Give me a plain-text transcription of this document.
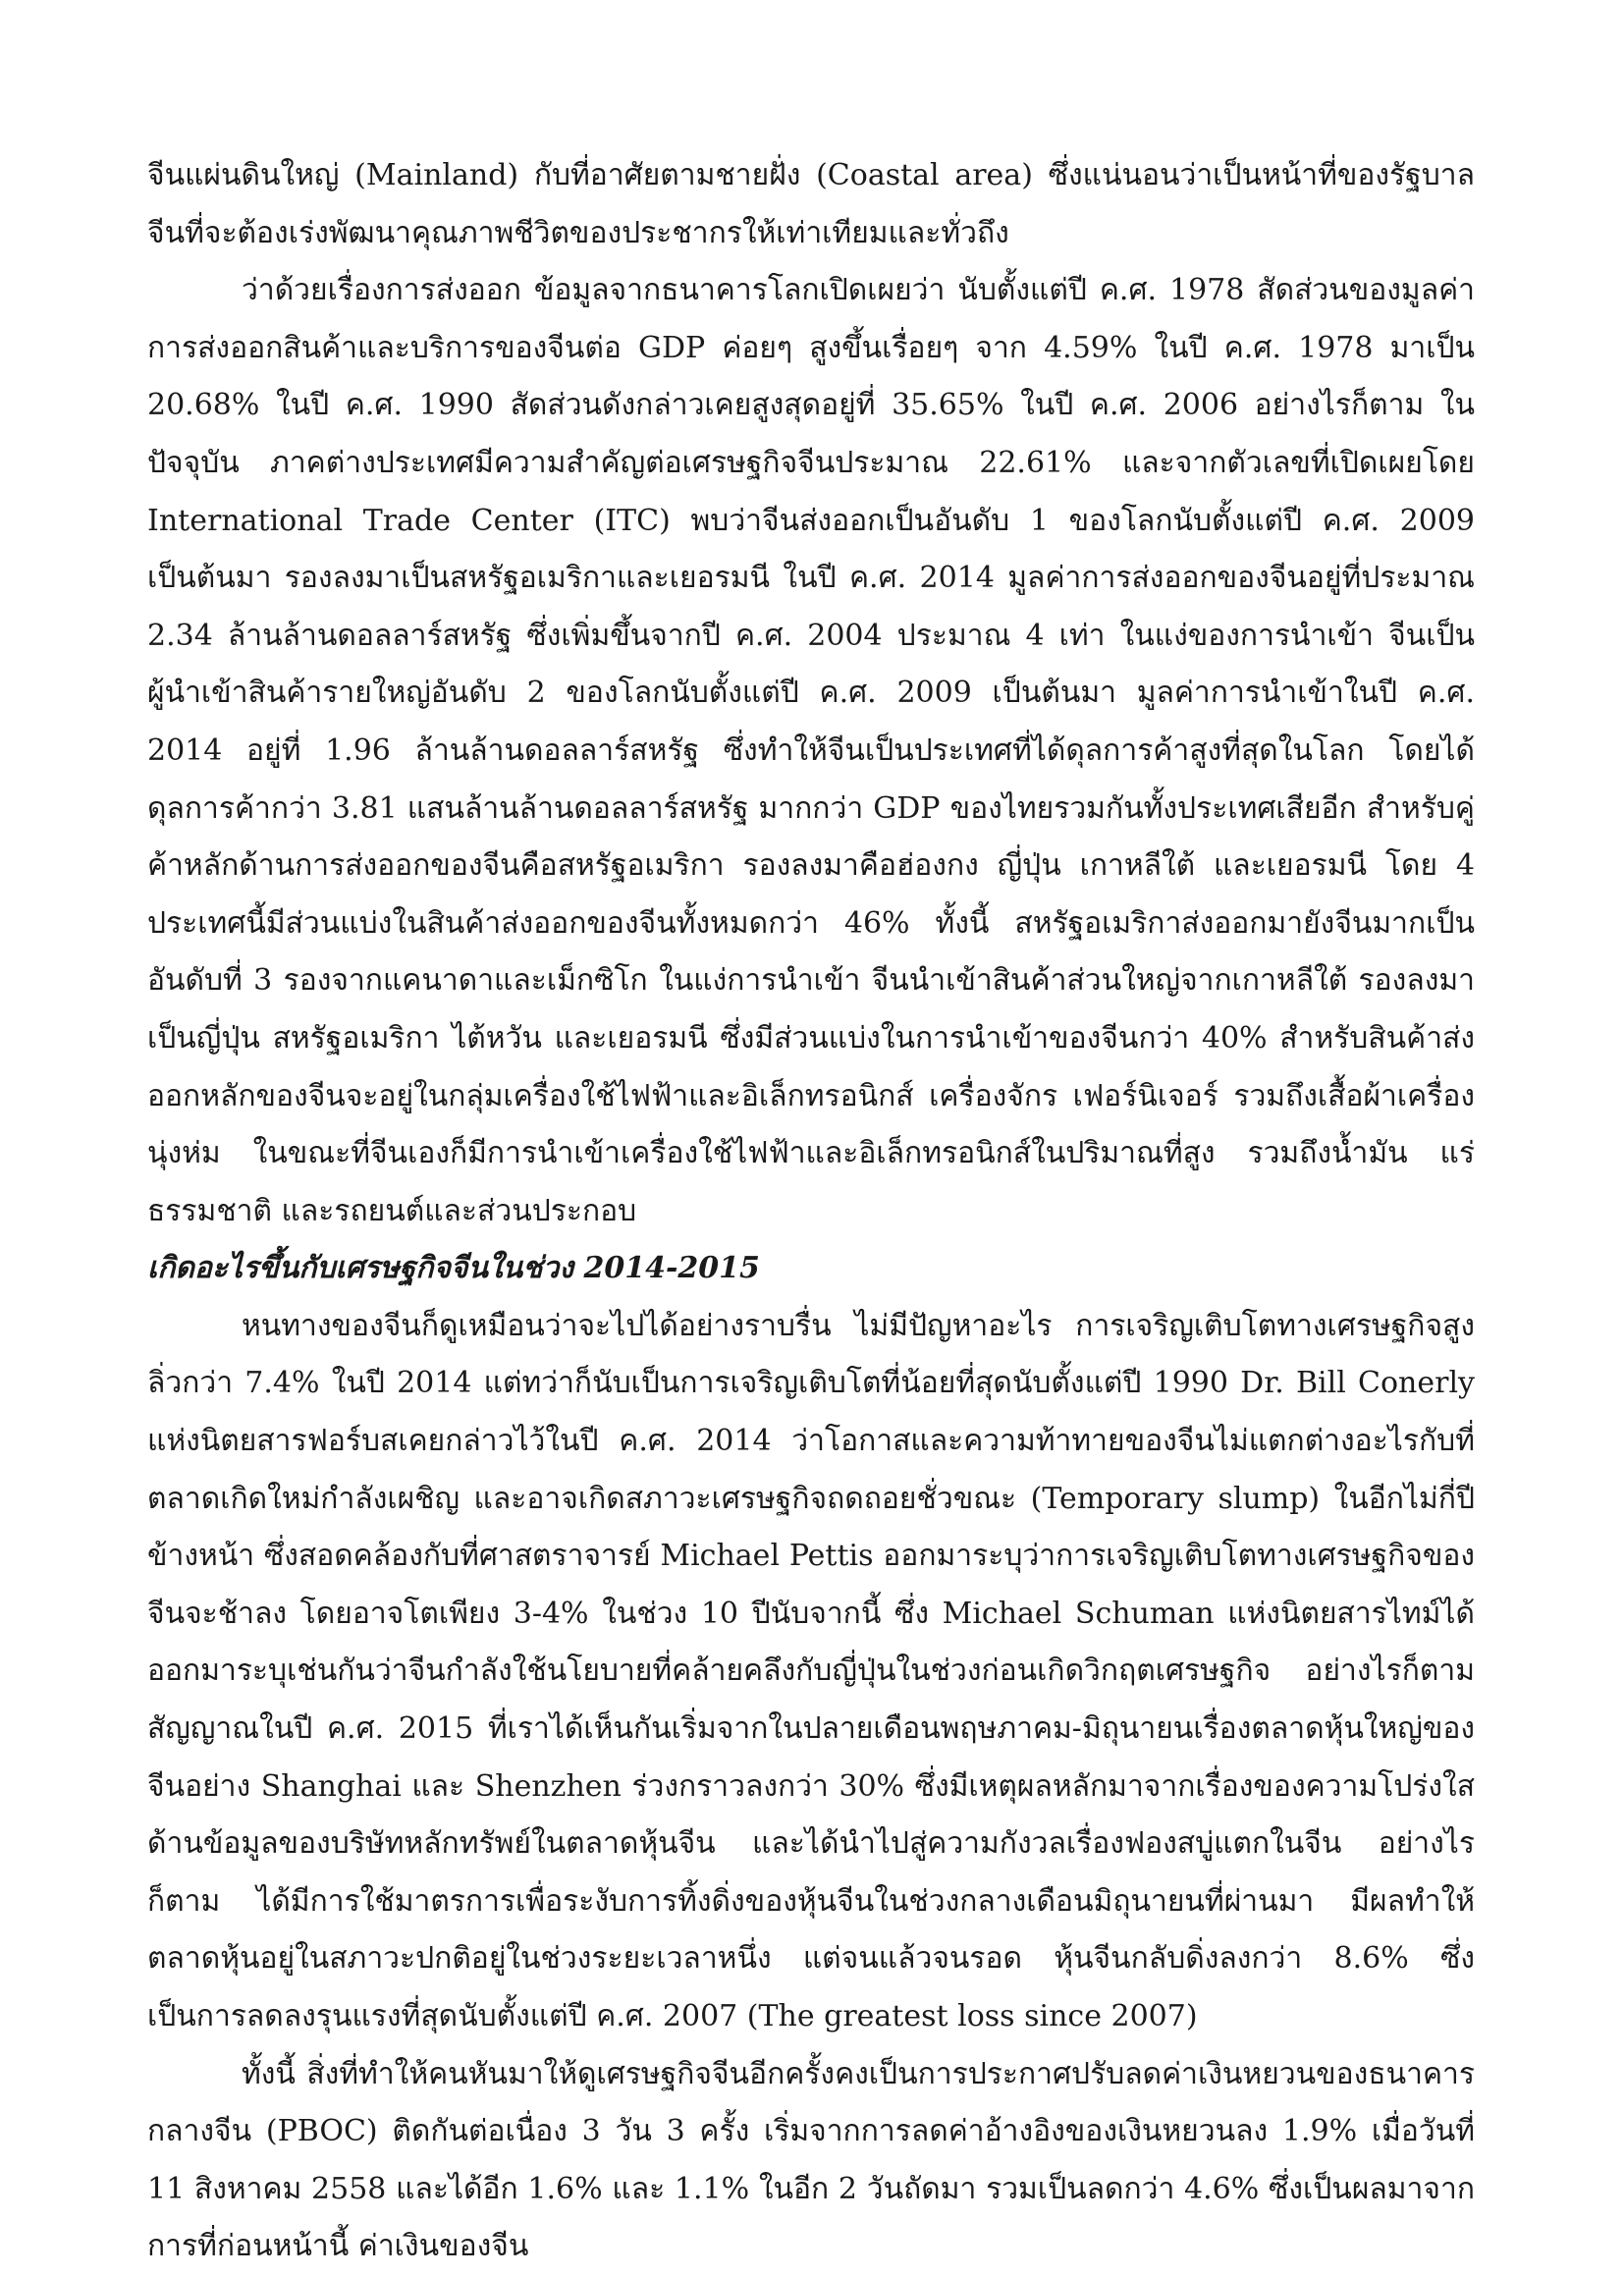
จีนแผ่นดินใหญ่ (Mainland) กับที่อาศัยตามชายฝั่ง (Coastal area) ซึ่งแน่นอนว่าเป็นหน้าที่ของรัฐบาลจีนที่จะต้องเร่งพัฒนาคุณภาพชีวิตของประชากรให้เท่าเทียมและทั่วถึง

ว่าด้วยเรื่องการส่งออก ข้อมูลจากธนาคารโลกเปิดเผยว่า นับตั้งแต่ปี ค.ศ. 1978 สัดส่วนของมูลค่าการส่งออกสินค้าและบริการของจีนต่อ GDP ค่อยๆ สูงขึ้นเรื่อยๆ จาก 4.59% ในปี ค.ศ. 1978 มาเป็น 20.68% ในปี ค.ศ. 1990 สัดส่วนดังกล่าวเคยสูงสุดอยู่ที่ 35.65% ในปี ค.ศ. 2006 อย่างไรก็ตาม ในปัจจุบัน ภาคต่างประเทศมีความสำคัญต่อเศรษฐกิจจีนประมาณ 22.61% และจากตัวเลขที่เปิดเผยโดย International Trade Center (ITC) พบว่าจีนส่งออกเป็นอันดับ 1 ของโลกนับตั้งแต่ปี ค.ศ. 2009 เป็นต้นมา รองลงมาเป็นสหรัฐอเมริกาและเยอรมนี ในปี ค.ศ. 2014 มูลค่าการส่งออกของจีนอยู่ที่ประมาณ 2.34 ล้านล้านดอลลาร์สหรัฐ ซึ่งเพิ่มขึ้นจากปี ค.ศ. 2004 ประมาณ 4 เท่า ในแง่ของการนำเข้า จีนเป็นผู้นำเข้าสินค้ารายใหญ่อันดับ 2 ของโลกนับตั้งแต่ปี ค.ศ. 2009 เป็นต้นมา มูลค่าการนำเข้าในปี ค.ศ. 2014 อยู่ที่ 1.96 ล้านล้านดอลลาร์สหรัฐ ซึ่งทำให้จีนเป็นประเทศที่ได้ดุลการค้าสูงที่สุดในโลก โดยได้ดุลการค้ากว่า 3.81 แสนล้านล้านดอลลาร์สหรัฐ มากกว่า GDP ของไทยรวมกันทั้งประเทศเสียอีก สำหรับคู่ค้าหลักด้านการส่งออกของจีนคือสหรัฐอเมริกา รองลงมาคือฮ่องกง ญี่ปุ่น เกาหลีใต้ และเยอรมนี โดย 4 ประเทศนี้มีส่วนแบ่งในสินค้าส่งออกของจีนทั้งหมดกว่า 46% ทั้งนี้ สหรัฐอเมริกาส่งออกมายังจีนมากเป็นอันดับที่ 3 รองจากแคนาดาและเม็กซิโก ในแง่การนำเข้า จีนนำเข้าสินค้าส่วนใหญ่จากเกาหลีใต้ รองลงมาเป็นญี่ปุ่น สหรัฐอเมริกา ไต้หวัน และเยอรมนี ซึ่งมีส่วนแบ่งในการนำเข้าของจีนกว่า 40% สำหรับสินค้าส่งออกหลักของจีนจะอยู่ในกลุ่มเครื่องใช้ไฟฟ้าและอิเล็กทรอนิกส์ เครื่องจักร เฟอร์นิเจอร์ รวมถึงเสื้อผ้าเครื่องนุ่งห่ม ในขณะที่จีนเองก็มีการนำเข้าเครื่องใช้ไฟฟ้าและอิเล็กทรอนิกส์ในปริมาณที่สูง รวมถึงน้ำมัน แร่ธรรมชาติ และรถยนต์และส่วนประกอบ

เกิดอะไรขึ้นกับเศรษฐกิจจีนในช่วง 2014-2015

หนทางของจีนก็ดูเหมือนว่าจะไปได้อย่างราบรื่น ไม่มีปัญหาอะไร การเจริญเติบโตทางเศรษฐกิจสูงลิ่วกว่า 7.4% ในปี 2014 แต่ทว่าก็นับเป็นการเจริญเติบโตที่น้อยที่สุดนับตั้งแต่ปี 1990 Dr. Bill Conerly แห่งนิตยสารฟอร์บสเคยกล่าวไว้ในปี ค.ศ. 2014 ว่าโอกาสและความท้าทายของจีนไม่แตกต่างอะไรกับที่ตลาดเกิดใหม่กำลังเผชิญ และอาจเกิดสภาวะเศรษฐกิจถดถอยชั่วขณะ (Temporary slump) ในอีกไม่กี่ปีข้างหน้า ซึ่งสอดคล้องกับที่ศาสตราจารย์ Michael Pettis ออกมาระบุว่าการเจริญเติบโตทางเศรษฐกิจของจีนจะช้าลง โดยอาจโตเพียง 3-4% ในช่วง 10 ปีนับจากนี้ ซึ่ง Michael Schuman แห่งนิตยสารไทม์ได้ออกมาระบุเช่นกันว่าจีนกำลังใช้นโยบายที่คล้ายคลึงกับญี่ปุ่นในช่วงก่อนเกิดวิกฤตเศรษฐกิจ อย่างไรก็ตาม สัญญาณในปี ค.ศ. 2015 ที่เราได้เห็นกันเริ่มจากในปลายเดือนพฤษภาคม-มิถุนายนเรื่องตลาดหุ้นใหญ่ของจีนอย่าง Shanghai และ Shenzhen ร่วงกราวลงกว่า 30% ซึ่งมีเหตุผลหลักมาจากเรื่องของความโปร่งใสด้านข้อมูลของบริษัทหลักทรัพย์ในตลาดหุ้นจีน และได้นำไปสู่ความกังวลเรื่องฟองสบู่แตกในจีน อย่างไรก็ตาม ได้มีการใช้มาตรการเพื่อระงับการทิ้งดิ่งของหุ้นจีนในช่วงกลางเดือนมิถุนายนที่ผ่านมา มีผลทำให้ตลาดหุ้นอยู่ในสภาวะปกติอยู่ในช่วงระยะเวลาหนึ่ง แต่จนแล้วจนรอด หุ้นจีนกลับดิ่งลงกว่า 8.6% ซึ่งเป็นการลดลงรุนแรงที่สุดนับตั้งแต่ปี ค.ศ. 2007 (The greatest loss since 2007)

ทั้งนี้ สิ่งที่ทำให้คนหันมาให้ดูเศรษฐกิจจีนอีกครั้งคงเป็นการประกาศปรับลดค่าเงินหยวนของธนาคารกลางจีน (PBOC) ติดกันต่อเนื่อง 3 วัน 3 ครั้ง เริ่มจากการลดค่าอ้างอิงของเงินหยวนลง 1.9% เมื่อวันที่ 11 สิงหาคม 2558 และได้อีก 1.6% และ 1.1% ในอีก 2 วันถัดมา รวมเป็นลดกว่า 4.6% ซึ่งเป็นผลมาจากการที่ก่อนหน้านี้ ค่าเงินของจีน
